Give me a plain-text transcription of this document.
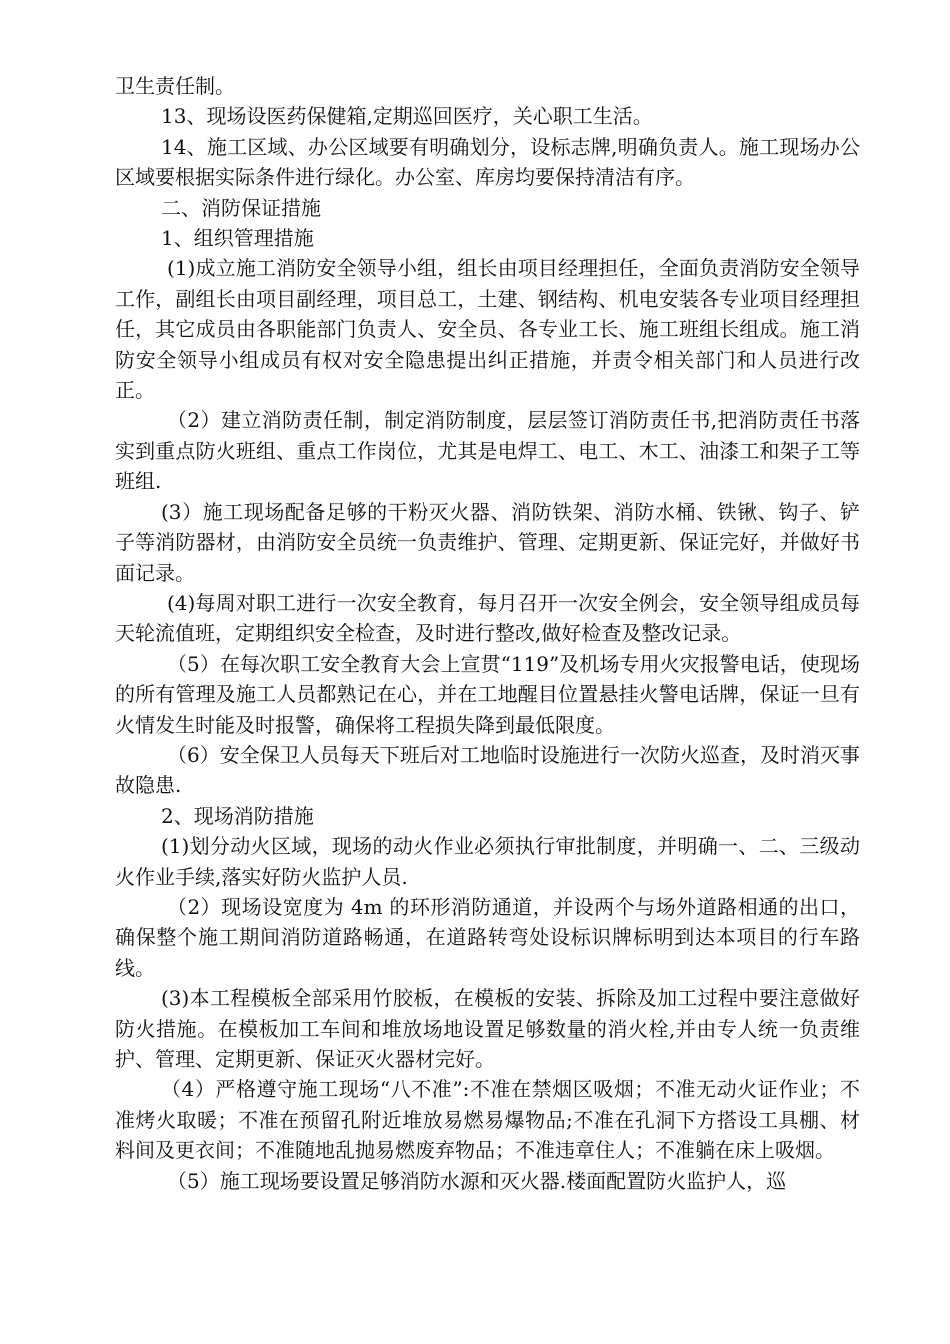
卫生责任制。

13、现场设医药保健箱,定期巡回医疗，关心职工生活。

14、施工区域、办公区域要有明确划分，设标志牌,明确负责人。施工现场办公区域要根据实际条件进行绿化。办公室、库房均要保持清洁有序。

二、消防保证措施

1、组织管理措施

(1)成立施工消防安全领导小组，组长由项目经理担任，全面负责消防安全领导工作，副组长由项目副经理，项目总工，土建、钢结构、机电安装各专业项目经理担任，其它成员由各职能部门负责人、安全员、各专业工长、施工班组长组成。施工消防安全领导小组成员有权对安全隐患提出纠正措施，并责令相关部门和人员进行改正。

（2）建立消防责任制，制定消防制度，层层签订消防责任书,把消防责任书落实到重点防火班组、重点工作岗位，尤其是电焊工、电工、木工、油漆工和架子工等班组.

(3）施工现场配备足够的干粉灭火器、消防铁架、消防水桶、铁锹、钩子、铲子等消防器材，由消防安全员统一负责维护、管理、定期更新、保证完好，并做好书面记录。

(4)每周对职工进行一次安全教育，每月召开一次安全例会，安全领导组成员每天轮流值班，定期组织安全检查，及时进行整改,做好检查及整改记录。

（5）在每次职工安全教育大会上宣贯“119”及机场专用火灾报警电话，使现场的所有管理及施工人员都熟记在心，并在工地醒目位置悬挂火警电话牌，保证一旦有火情发生时能及时报警，确保将工程损失降到最低限度。

（6）安全保卫人员每天下班后对工地临时设施进行一次防火巡查，及时消灭事故隐患.

2、现场消防措施

(1)划分动火区域，现场的动火作业必须执行审批制度，并明确一、二、三级动火作业手续,落实好防火监护人员.

（2）现场设宽度为 4m 的环形消防通道，并设两个与场外道路相通的出口，确保整个施工期间消防道路畅通，在道路转弯处设标识牌标明到达本项目的行车路线。

(3)本工程模板全部采用竹胶板，在模板的安装、拆除及加工过程中要注意做好防火措施。在模板加工车间和堆放场地设置足够数量的消火栓,并由专人统一负责维护、管理、定期更新、保证灭火器材完好。

（4）严格遵守施工现场“八不准”:不准在禁烟区吸烟；不准无动火证作业；不准烤火取暖；不准在预留孔附近堆放易燃易爆物品;不准在孔洞下方搭设工具棚、材料间及更衣间；不准随地乱抛易燃废弃物品；不准违章住人；不准躺在床上吸烟。

（5）施工现场要设置足够消防水源和灭火器.楼面配置防火监护人，巡
